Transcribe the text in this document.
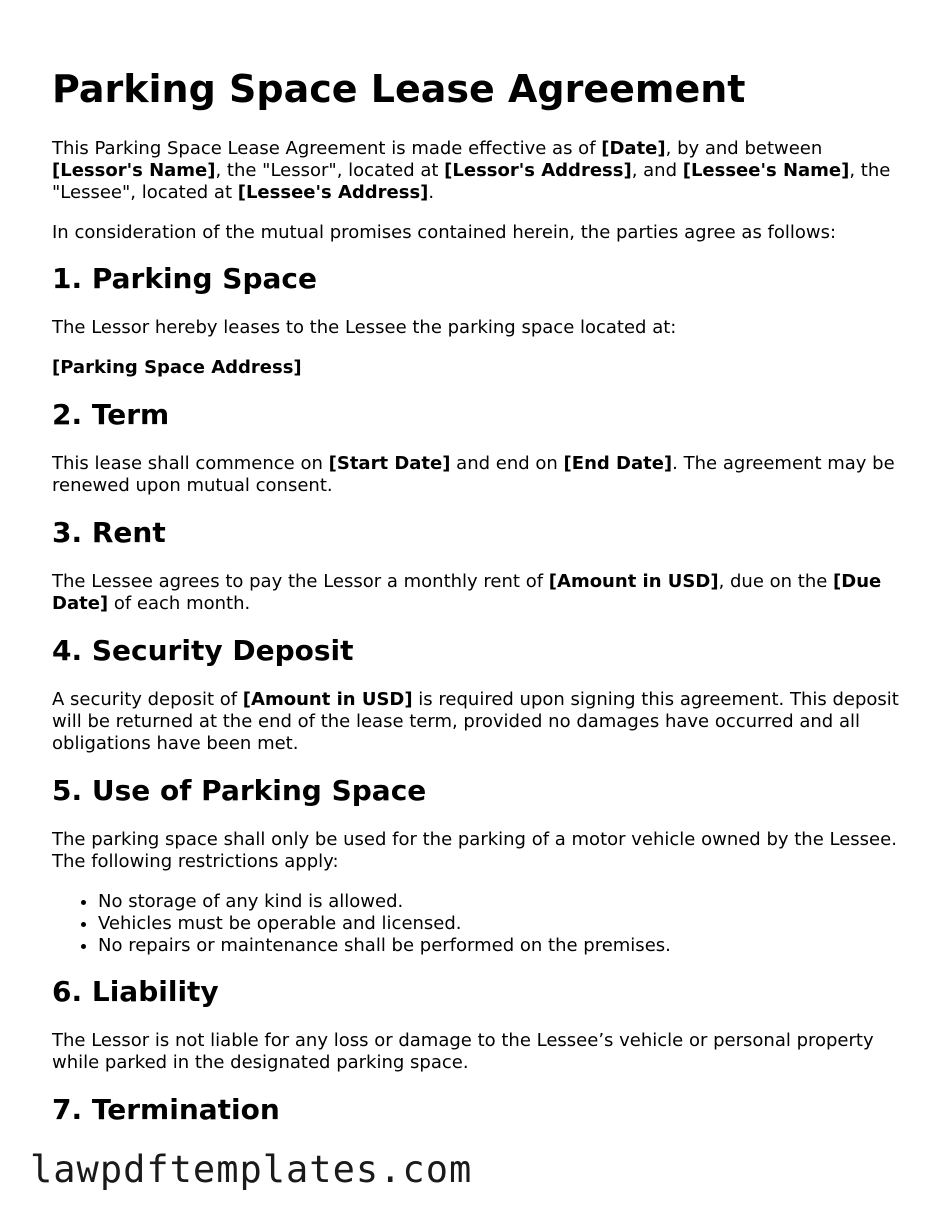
Parking Space Lease Agreement

This Parking Space Lease Agreement is made effective as of [Date], by and between [Lessor's Name], the "Lessor", located at [Lessor's Address], and [Lessee's Name], the "Lessee", located at [Lessee's Address].

In consideration of the mutual promises contained herein, the parties agree as follows:

1. Parking Space

The Lessor hereby leases to the Lessee the parking space located at:

[Parking Space Address]

2. Term

This lease shall commence on [Start Date] and end on [End Date]. The agreement may be renewed upon mutual consent.

3. Rent

The Lessee agrees to pay the Lessor a monthly rent of [Amount in USD], due on the [Due Date] of each month.

4. Security Deposit

A security deposit of [Amount in USD] is required upon signing this agreement. This deposit will be returned at the end of the lease term, provided no damages have occurred and all obligations have been met.

5. Use of Parking Space

The parking space shall only be used for the parking of a motor vehicle owned by the Lessee. The following restrictions apply:

• No storage of any kind is allowed.
• Vehicles must be operable and licensed.
• No repairs or maintenance shall be performed on the premises.
6. Liability

The Lessor is not liable for any loss or damage to the Lessee’s vehicle or personal property while parked in the designated parking space.

7. Termination
lawpdftemplates.com
